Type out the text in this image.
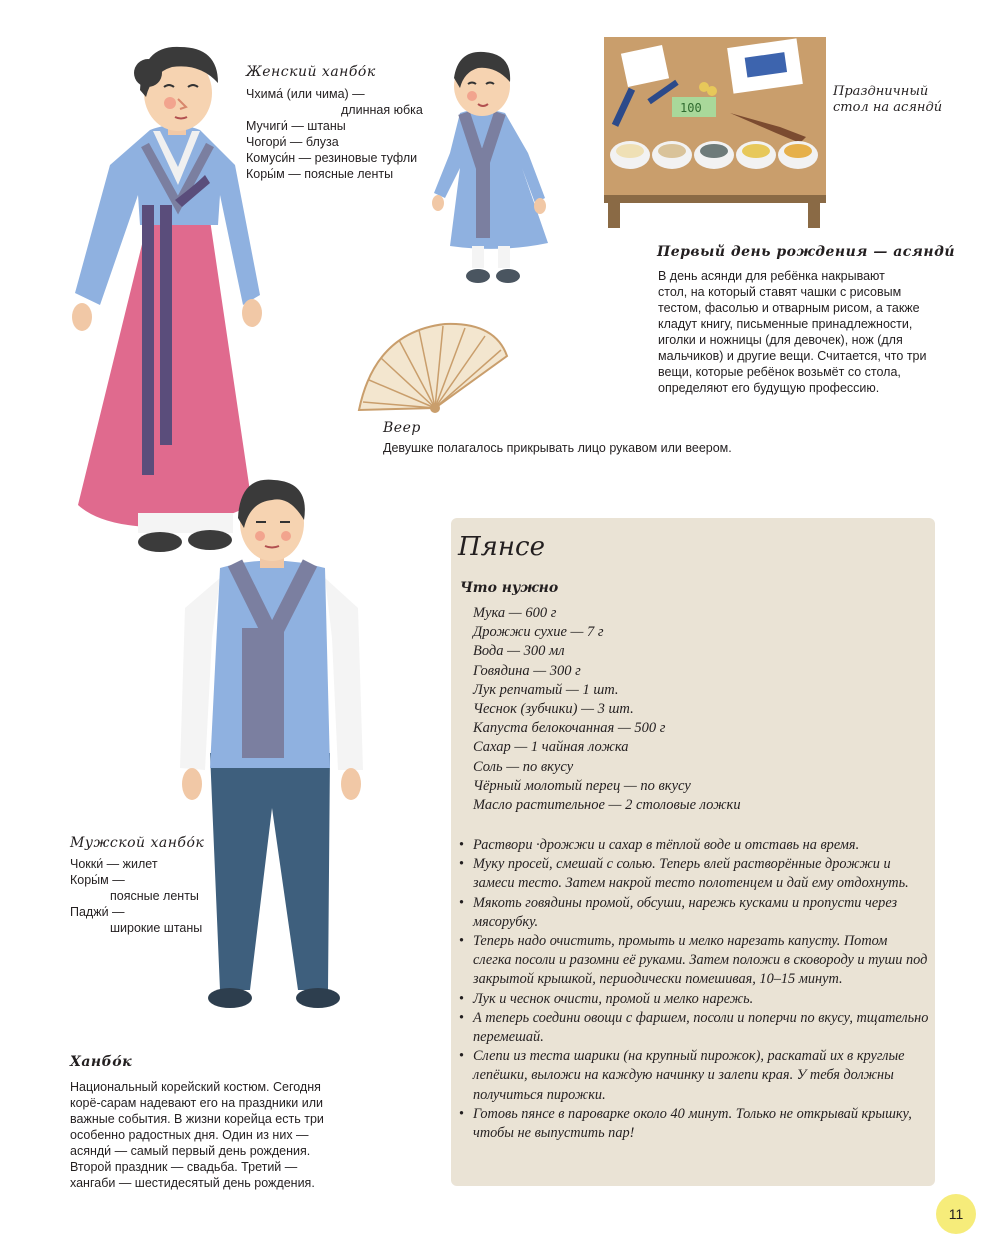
Женский ханбо́к
Чхима́ (или чима) —
длинная юбка
Мучиги́ — штаны
Чогори́ — блуза
Комуси́н — резиновые туфли
Коры́м — поясные ленты
100
Праздничный
стол на асянди́
Первый день рождения — асянди́
В день асянди для ребёнка накрывают
стол, на который ставят чашки с рисовым
тестом, фасолью и отварным рисом, а также
кладут книгу, письменные принадлежности,
иголки и ножницы (для девочек), нож (для
мальчиков) и другие вещи. Считается, что три
вещи, которые ребёнок возьмёт со стола,
определяют его будущую профессию.
Веер
Девушке полагалось прикрывать лицо рукавом или веером.
Мужской ханбо́к
Чокки́ — жилет
Коры́м —
поясные ленты
Паджи́ —
широкие штаны
Ханбо́к
Национальный корейский костюм. Сегодня
корё-сарам надевают его на праздники или
важные события. В жизни корейца есть три
особенно радостных дня. Один из них —
асянди́ — самый первый день рождения.
Второй праздник — свадьба. Третий —
хангаби — шестидесятый день рождения.
Пянсе
Что нужно
Мука — 600 г
Дрожжи сухие — 7 г
Вода — 300 мл
Говядина — 300 г
Лук репчатый — 1 шт.
Чеснок (зубчики) — 3 шт.
Капуста белокочанная — 500 г
Сахар — 1 чайная ложка
Соль — по вкусу
Чёрный молотый перец — по вкусу
Масло растительное — 2 столовые ложки
• Раствори ·дрожжи и сахар в тёплой воде и отставь на время.
• Муку просей, смешай с солью. Теперь влей растворённые дрожжи и замеси тесто. Затем накрой тесто полотенцем и дай ему отдохнуть.
• Мякоть говядины промой, обсуши, нарежь кусками и пропусти через мясорубку.
• Теперь надо очистить, промыть и мелко нарезать капусту. Потом слегка посоли и разомни её руками. Затем положи в сковороду и туши под закрытой крышкой, периодически помешивая, 10–15 минут.
• Лук и чеснок очисти, промой и мелко нарежь.
• А теперь соедини овощи с фаршем, посоли и поперчи по вкусу, тщательно перемешай.
• Слепи из теста шарики (на крупный пирожок), раскатай их в круглые лепёшки, выложи на каждую начинку и залепи края. У тебя должны получиться пирожки.
• Готовь пянсе в пароварке около 40 минут. Только не открывай крышку, чтобы не выпустить пар!
11
